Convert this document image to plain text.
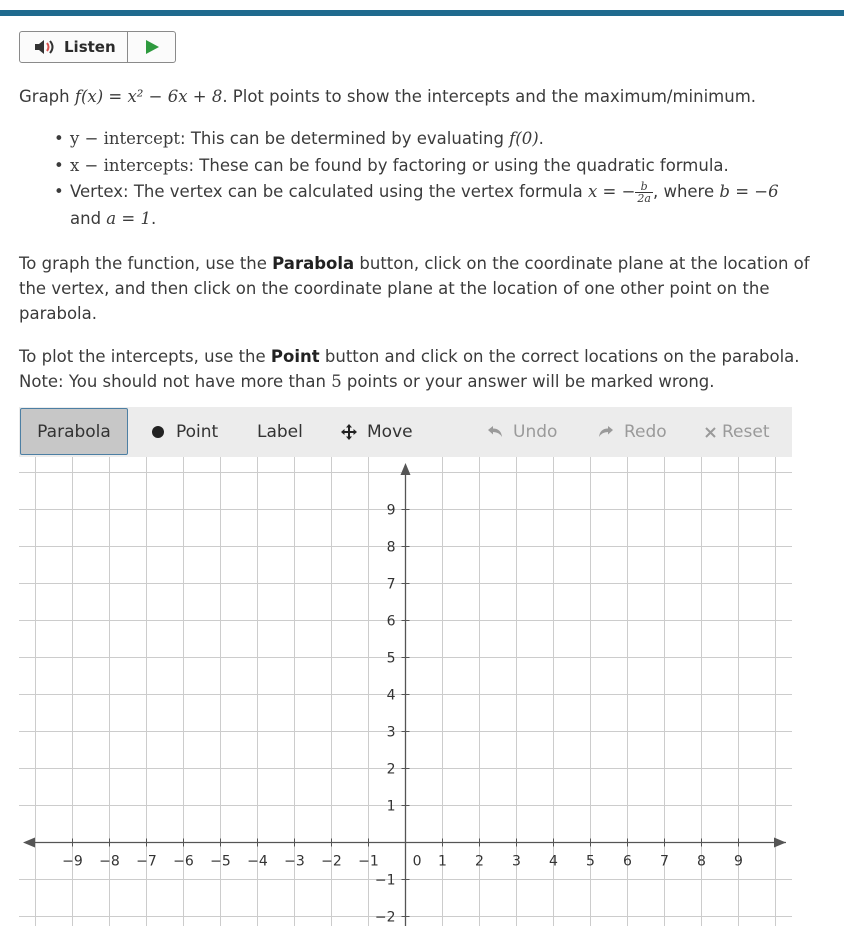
Listen
Graph f(x) = x² − 6x + 8. Plot points to show the intercepts and the maximum/minimum.
• y − intercept: This can be determined by evaluating f(0).
• x − intercepts: These can be found by factoring or using the quadratic formula.
• Vertex: The vertex can be calculated using the vertex formula x = − $\frac{b}{2a}$ , where b = −6
and a = 1.
To graph the function, use the Parabola button, click on the coordinate plane at the location of the vertex, and then click on the coordinate plane at the location of one other point on the parabola.
To plot the intercepts, use the Point button and click on the correct locations on the parabola. Note: You should not have more than 5 points or your answer will be marked wrong.
Parabola	Point Label	Move	Undo	Redo	Reset
−9 −8 −7 −6 −5 −4 −3 −2 −1	1 2 3 4 5 6 7 8 9
9
8
7
6
5
4
3
2
1
−1
−2
0
